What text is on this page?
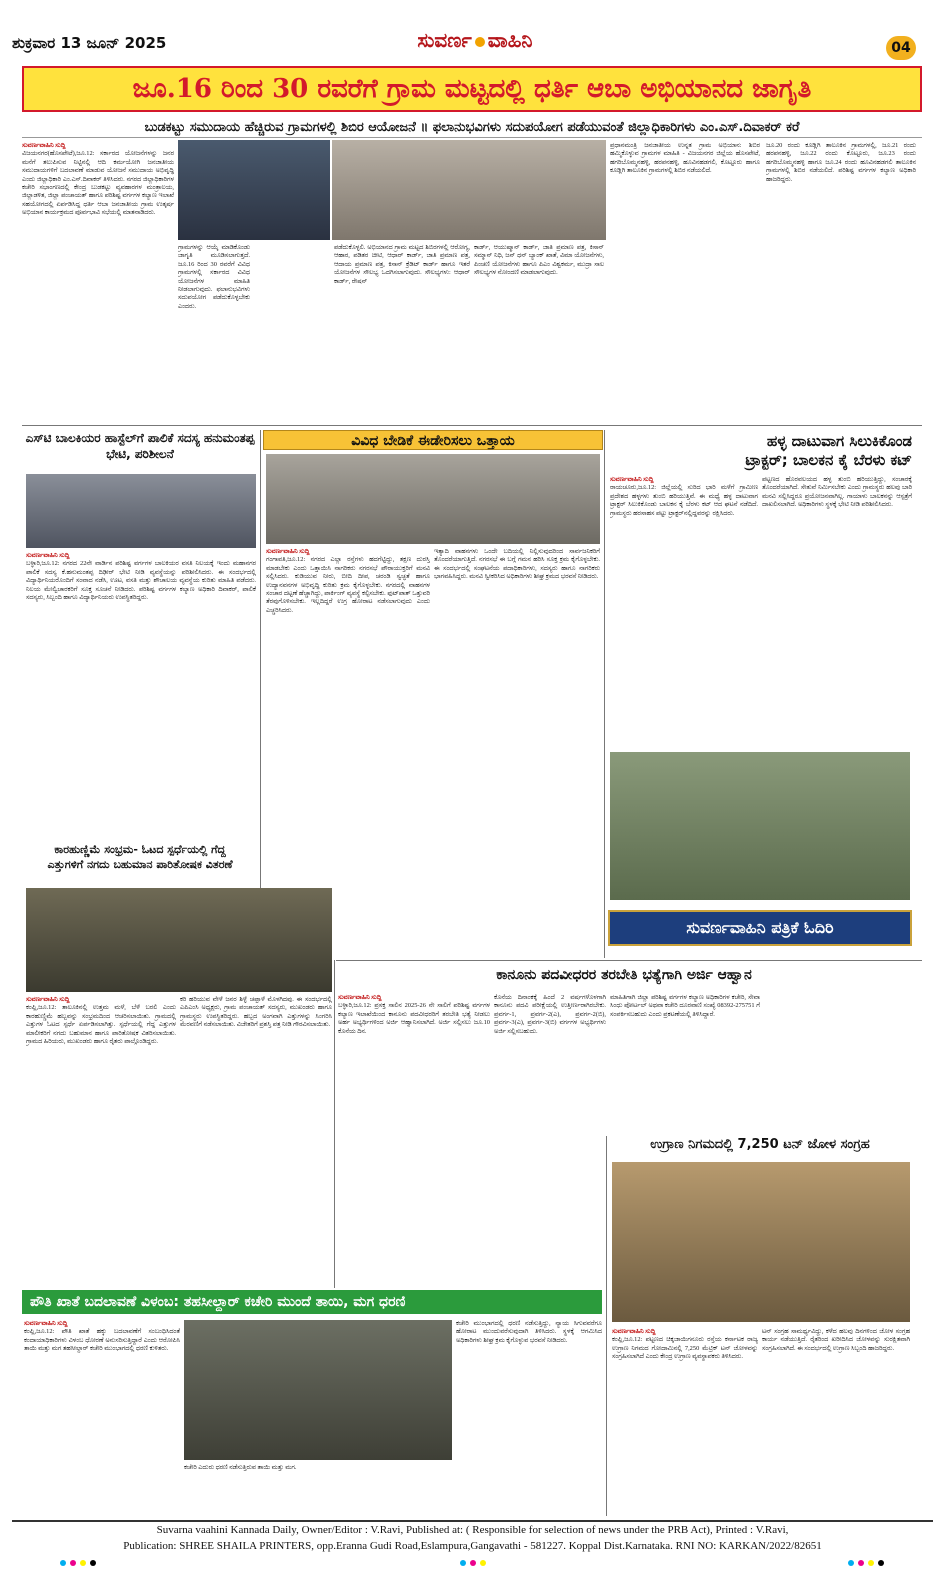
ಶುಕ್ರವಾರ 13 ಜೂನ್ 2025	ಸುವರ್ಣ ವಾಹಿನಿ	04
ಜೂ.16 ರಿಂದ 30 ರವರೆಗೆ ಗ್ರಾಮ ಮಟ್ಟದಲ್ಲಿ ಧರ್ತಿ ಆಬಾ ಅಭಿಯಾನದ ಜಾಗೃತಿ
ಬುಡಕಟ್ಟು ಸಮುದಾಯ ಹೆಚ್ಚಿರುವ ಗ್ರಾಮಗಳಲ್ಲಿ ಶಿಬಿರ ಆಯೋಜನೆ ॥ ಫಲಾನುಭವಿಗಳು ಸದುಪಯೋಗ ಪಡೆಯುವಂತೆ ಜಿಲ್ಲಾಧಿಕಾರಿಗಳು ಎಂ.ಎಸ್.ದಿವಾಕರ್ ಕರೆ
ಸುವರ್ಣವಾಹಿನಿ ಸುದ್ದಿ
ವಿಜಯನಗರ(ಹೊಸಪೇಟೆ),ಜೂ.12: ಸರ್ಕಾರದ ಯೋಜನೆಗಳನ್ನು ಜನರ ಮನೆಗೆ ತಲುಪಿಸುವ ನಿಟ್ಟಿನಲ್ಲಿ ಆದಿ ಕರ್ಮಯೋಗಿ ಜನಜಾತೀಯ ಸಮುದಾಯಗಳಿಗೆ ಬದಲಾವಣೆ ಮಾಡುವ ಯೋಜನೆ ಸಮುದಾಯ ಅಭಿವೃದ್ಧಿ ಎಂದು ಜಿಲ್ಲಾಧಿಕಾರಿ ಎಂ.ಎಸ್.ದಿವಾಕರ್ ತಿಳಿಸಿದರು. ನಗರದ ಜಿಲ್ಲಾಧಿಕಾರಿಗಳ ಕಚೇರಿ ಸಭಾಂಗಣದಲ್ಲಿ ಕೇಂದ್ರ ಬುಡಕಟ್ಟು ವ್ಯವಹಾರಗಳ ಮಂತ್ರಾಲಯ, ಜಿಲ್ಲಾಡಳಿತ, ಜಿಲ್ಲಾ ಪಂಚಾಯತ್ ಹಾಗೂ ಪರಿಶಿಷ್ಟ ವರ್ಗಗಳ ಕಲ್ಯಾಣ ಇಲಾಖೆ ಸಹಯೋಗದಲ್ಲಿ ಏರ್ಪಡಿಸಿದ್ದ ಧರ್ತಿ ಆಬಾ ಜನಜಾತೀಯ ಗ್ರಾಮ ಉತ್ಕರ್ಷ ಅಭಿಯಾನ ಕಾರ್ಯಕ್ರಮದ ಪೂರ್ವಭಾವಿ ಸಭೆಯಲ್ಲಿ ಮಾತನಾಡಿದರು.
ಗ್ರಾಮಗಳನ್ನು ಆಯ್ಕೆ ಮಾಡಿಕೊಂಡು ಜಾಗೃತಿ ಮೂಡಿಸಲಾಗುತ್ತದೆ. ಜೂ.16 ರಿಂದ 30 ರವರೆಗೆ ವಿವಿಧ ಗ್ರಾಮಗಳಲ್ಲಿ ಸರ್ಕಾರದ ವಿವಿಧ ಯೋಜನೆಗಳ ಮಾಹಿತಿ ನೀಡಲಾಗುವುದು. ಫಲಾನುಭವಿಗಳು ಸದುಪಯೋಗ ಪಡೆದುಕೊಳ್ಳಬೇಕು ಎಂದರು.
ಪಡೆದುಕೊಳ್ಳಲಿ. ಅಭಿಯಾನದ ಗ್ರಾಮ ಮಟ್ಟದ ಶಿಬಿರಗಳಲ್ಲಿ ಆರೋಗ್ಯ, ಆಹಾರ, ಪಡಿತರ ಚೀಟಿ, ಆಧಾರ್ ಕಾರ್ಡ್, ಜಾತಿ ಪ್ರಮಾಣ ಪತ್ರ, ಆದಾಯ ಪ್ರಮಾಣ ಪತ್ರ, ಕಿಸಾನ್ ಕ್ರೆಡಿಟ್ ಕಾರ್ಡ್ ಹಾಗೂ ಇತರೆ ಯೋಜನೆಗಳ ಸೌಲಭ್ಯ ಒದಗಿಸಲಾಗುವುದು. ಸೌಲಭ್ಯಗಳು: ಆಧಾರ್ ಕಾರ್ಡ್, ರೇಷನ್
ಕಾರ್ಡ್, ಆಯುಷ್ಮಾನ್ ಕಾರ್ಡ್, ಜಾತಿ ಪ್ರಮಾಣ ಪತ್ರ, ಕಿಸಾನ್ ಸಮ್ಮಾನ್ ನಿಧಿ, ಜನ್ ಧನ್ ಬ್ಯಾಂಕ್ ಖಾತೆ, ವಿಮಾ ಯೋಜನೆಗಳು, ಪಿಂಚಣಿ ಯೋಜನೆಗಳು ಹಾಗೂ ಪಿಎಂ ವಿಶ್ವಕರ್ಮ, ಮುದ್ರಾ ಸಾಲ ಸೌಲಭ್ಯಗಳ ನೋಂದಣಿ ಮಾಡಲಾಗುವುದು.
ಪ್ರಧಾನಮಂತ್ರಿ ಜನಜಾತೀಯ ಉನ್ನತ ಗ್ರಾಮ ಅಭಿಯಾನ: ಶಿಬಿರ ಹಮ್ಮಿಕೊಳ್ಳುವ ಗ್ರಾಮಗಳ ಮಾಹಿತಿ - ವಿಜಯನಗರ ಜಿಲ್ಲೆಯ ಹೊಸಪೇಟೆ, ಹಗರಿಬೊಮ್ಮನಹಳ್ಳಿ, ಹರಪನಹಳ್ಳಿ, ಹೂವಿನಹಡಗಲಿ, ಕೊಟ್ಟೂರು ಹಾಗೂ ಕೂಡ್ಲಿಗಿ ತಾಲೂಕಿನ ಗ್ರಾಮಗಳಲ್ಲಿ ಶಿಬಿರ ನಡೆಯಲಿದೆ.
ಜೂ.20 ರಂದು ಕೂಡ್ಲಿಗಿ ತಾಲೂಕಿನ ಗ್ರಾಮಗಳಲ್ಲಿ, ಜೂ.21 ರಂದು ಹರಪನಹಳ್ಳಿ, ಜೂ.22 ರಂದು ಕೊಟ್ಟೂರು, ಜೂ.23 ರಂದು ಹಗರಿಬೊಮ್ಮನಹಳ್ಳಿ ಹಾಗೂ ಜೂ.24 ರಂದು ಹೂವಿನಹಡಗಲಿ ತಾಲೂಕಿನ ಗ್ರಾಮಗಳಲ್ಲಿ ಶಿಬಿರ ನಡೆಯಲಿದೆ. ಪರಿಶಿಷ್ಟ ವರ್ಗಗಳ ಕಲ್ಯಾಣ ಅಧಿಕಾರಿ ಹಾಜರಿದ್ದರು.
ಎಸ್‌ಟಿ ಬಾಲಕಿಯರ ಹಾಸ್ಟೆಲ್‌ಗೆ ಪಾಲಿಕೆ ಸದಸ್ಯ ಹನುಮಂತಪ್ಪ ಭೇಟಿ, ಪರಿಶೀಲನೆ
ಸುವರ್ಣವಾಹಿನಿ ಸುದ್ದಿ
ಬಳ್ಳಾರಿ,ಜೂ.12: ನಗರದ 22ನೇ ವಾರ್ಡಿನ ಪರಿಶಿಷ್ಟ ವರ್ಗಗಳ ಬಾಲಕಿಯರ ವಸತಿ ನಿಲಯಕ್ಕೆ ಇಂದು ಮಹಾನಗರ ಪಾಲಿಕೆ ಸದಸ್ಯ ಕೆ.ಹನುಮಂತಪ್ಪ ದಿಢೀರ್ ಭೇಟಿ ನೀಡಿ ವ್ಯವಸ್ಥೆಯನ್ನು ಪರಿಶೀಲಿಸಿದರು. ಈ ಸಂದರ್ಭದಲ್ಲಿ ವಿದ್ಯಾರ್ಥಿನಿಯರೊಂದಿಗೆ ಸಂವಾದ ನಡೆಸಿ, ಊಟ, ವಸತಿ ಮತ್ತು ಶೌಚಾಲಯ ವ್ಯವಸ್ಥೆಯ ಕುರಿತು ಮಾಹಿತಿ ಪಡೆದರು. ನಿಲಯ ಮೇಲ್ವಿಚಾರಕರಿಗೆ ಸೂಕ್ತ ಸೂಚನೆ ನೀಡಿದರು. ಪರಿಶಿಷ್ಟ ವರ್ಗಗಳ ಕಲ್ಯಾಣ ಅಧಿಕಾರಿ ದಿವಾಕರ್, ಪಾಲಿಕೆ ಸದಸ್ಯರು, ಸಿಬ್ಬಂದಿ ಹಾಗೂ ವಿದ್ಯಾರ್ಥಿನಿಯರು ಉಪಸ್ಥಿತರಿದ್ದರು.
ಕಾರಹುಣ್ಣಿಮೆ ಸಂಭ್ರಮ- ಓಟದ ಸ್ಪರ್ಧೆಯಲ್ಲಿ ಗೆದ್ದ
ಎತ್ತುಗಳಿಗೆ ನಗದು ಬಹುಮಾನ ಪಾರಿತೋಷಕ ವಿತರಣೆ
ಸುವರ್ಣವಾಹಿನಿ ಸುದ್ದಿ
ಕಂಪ್ಲಿ,ಜೂ.12: ತಾಲೂಕಿನಲ್ಲಿ ಉತ್ತಮ ಮಳೆ, ಬೆಳೆ ಬರಲಿ ಎಂದು ಕಾರಹುಣ್ಣಿಮೆ ಹಬ್ಬವನ್ನು ಸಂಭ್ರಮದಿಂದ ಆಚರಿಸಲಾಯಿತು. ಗ್ರಾಮದಲ್ಲಿ ಎತ್ತುಗಳ ಓಟದ ಸ್ಪರ್ಧೆ ಏರ್ಪಡಿಸಲಾಗಿತ್ತು. ಸ್ಪರ್ಧೆಯಲ್ಲಿ ಗೆದ್ದ ಎತ್ತುಗಳ ಮಾಲೀಕರಿಗೆ ನಗದು ಬಹುಮಾನ ಹಾಗೂ ಪಾರಿತೋಷಕ ವಿತರಿಸಲಾಯಿತು. ಗ್ರಾಮದ ಹಿರಿಯರು, ಮುಖಂಡರು ಹಾಗೂ ರೈತರು ಪಾಲ್ಗೊಂಡಿದ್ದರು.
ಕರಿ ಹರಿಯುವ ವೇಳೆ ಜನರ ಶಿಳ್ಳೆ ಚಪ್ಪಾಳೆ ಮೊಳಗಿದವು. ಈ ಸಂದರ್ಭದಲ್ಲಿ ಎಪಿಎಂಸಿ ಅಧ್ಯಕ್ಷರು, ಗ್ರಾಮ ಪಂಚಾಯತ್ ಸದಸ್ಯರು, ಮುಖಂಡರು ಹಾಗೂ ಗ್ರಾಮಸ್ಥರು ಉಪಸ್ಥಿತರಿದ್ದರು. ಹಬ್ಬದ ಅಂಗವಾಗಿ ಎತ್ತುಗಳನ್ನು ಸಿಂಗರಿಸಿ ಮೆರವಣಿಗೆ ನಡೆಸಲಾಯಿತು. ವಿಜೇತರಿಗೆ ಪ್ರಶಸ್ತಿ ಪತ್ರ ನೀಡಿ ಗೌರವಿಸಲಾಯಿತು.
ವಿವಿಧ ಬೇಡಿಕೆ ಈಡೇರಿಸಲು ಒತ್ತಾಯ
ಸುವರ್ಣವಾಹಿನಿ ಸುದ್ದಿ
ಗಂಗಾವತಿ,ಜೂ.12: ನಗರದ ಎಲ್ಲಾ ರಸ್ತೆಗಳು ಹದಗೆಟ್ಟಿದ್ದು, ತಕ್ಷಣ ದುರಸ್ತಿ ಮಾಡಬೇಕು ಎಂದು ಒತ್ತಾಯಿಸಿ ನಾಗರಿಕರು ನಗರಸಭೆ ಪೌರಾಯುಕ್ತರಿಗೆ ಮನವಿ ಸಲ್ಲಿಸಿದರು. ಕುಡಿಯುವ ನೀರು, ಬೀದಿ ದೀಪ, ಚರಂಡಿ ಸ್ವಚ್ಛತೆ ಹಾಗೂ ಉದ್ಯಾನವನಗಳ ಅಭಿವೃದ್ಧಿ ಕುರಿತು ಕ್ರಮ ಕೈಗೊಳ್ಳಬೇಕು. ನಗರದಲ್ಲಿ ವಾಹನಗಳ ಸಂಚಾರ ದಟ್ಟಣೆ ಹೆಚ್ಚಾಗಿದ್ದು, ಪಾರ್ಕಿಂಗ್ ವ್ಯವಸ್ಥೆ ಕಲ್ಪಿಸಬೇಕು. ಫುಟ್‌ಪಾತ್ ಒತ್ತುವರಿ ತೆರವುಗೊಳಿಸಬೇಕು. ಇಲ್ಲದಿದ್ದರೆ ಉಗ್ರ ಹೋರಾಟ ನಡೆಸಲಾಗುವುದು ಎಂದು ಎಚ್ಚರಿಸಿದರು.
ಇತ್ಯಾದಿ ವಾಹನಗಳು ಒಂದೇ ಬದಿಯಲ್ಲಿ ನಿಲ್ಲಿಸುವುದರಿಂದ ಸಾರ್ವಜನಿಕರಿಗೆ ತೊಂದರೆಯಾಗುತ್ತಿದೆ. ನಗರಸಭೆ ಈ ಬಗ್ಗೆ ಗಮನ ಹರಿಸಿ ಸೂಕ್ತ ಕ್ರಮ ಕೈಗೊಳ್ಳಬೇಕು. ಈ ಸಂದರ್ಭದಲ್ಲಿ ಸಂಘಟನೆಯ ಪದಾಧಿಕಾರಿಗಳು, ಸದಸ್ಯರು ಹಾಗೂ ನಾಗರಿಕರು ಭಾಗವಹಿಸಿದ್ದರು. ಮನವಿ ಸ್ವೀಕರಿಸಿದ ಅಧಿಕಾರಿಗಳು ಶೀಘ್ರ ಕ್ರಮದ ಭರವಸೆ ನೀಡಿದರು.
ಹಳ್ಳ ದಾಟುವಾಗ ಸಿಲುಕಿಕೊಂಡ
ಟ್ರಾಕ್ಟರ್; ಬಾಲಕನ ಕೈ ಬೆರಳು ಕಟ್
ಸುವರ್ಣವಾಹಿನಿ ಸುದ್ದಿ
ರಾಯಚೂರು,ಜೂ.12: ಜಿಲ್ಲೆಯಲ್ಲಿ ಸುರಿದ ಭಾರಿ ಮಳೆಗೆ ಗ್ರಾಮೀಣ ಪ್ರದೇಶದ ಹಳ್ಳಗಳು ತುಂಬಿ ಹರಿಯುತ್ತಿವೆ. ಈ ಮಧ್ಯೆ ಹಳ್ಳ ದಾಟುವಾಗ ಟ್ರಾಕ್ಟರ್ ಸಿಲುಕಿಕೊಂಡು ಬಾಲಕನ ಕೈ ಬೆರಳು ಕಟ್ ಆದ ಘಟನೆ ನಡೆದಿದೆ. ಗ್ರಾಮಸ್ಥರು ಹರಸಾಹಸ ಪಟ್ಟು ಟ್ರಾಕ್ಟರ್‌ನಲ್ಲಿದ್ದವರನ್ನು ರಕ್ಷಿಸಿದರು.
ಪಟ್ಟಣದ ಹೊರವಲಯದ ಹಳ್ಳ ತುಂಬಿ ಹರಿಯುತ್ತಿದ್ದು, ಸಂಚಾರಕ್ಕೆ ತೊಂದರೆಯಾಗಿದೆ. ಸೇತುವೆ ನಿರ್ಮಿಸಬೇಕು ಎಂದು ಗ್ರಾಮಸ್ಥರು ಹಲವು ಬಾರಿ ಮನವಿ ಸಲ್ಲಿಸಿದ್ದರೂ ಪ್ರಯೋಜನವಾಗಿಲ್ಲ. ಗಾಯಾಳು ಬಾಲಕನನ್ನು ಆಸ್ಪತ್ರೆಗೆ ದಾಖಲಿಸಲಾಗಿದೆ. ಅಧಿಕಾರಿಗಳು ಸ್ಥಳಕ್ಕೆ ಭೇಟಿ ನೀಡಿ ಪರಿಶೀಲಿಸಿದರು.
ಸುವರ್ಣವಾಹಿನಿ ಪತ್ರಿಕೆ ಓದಿರಿ
ಕಾನೂನು ಪದವೀಧರರ ತರಬೇತಿ ಭತ್ಯೆಗಾಗಿ ಅರ್ಜಿ ಆಹ್ವಾನ
ಸುವರ್ಣವಾಹಿನಿ ಸುದ್ದಿ
ಬಳ್ಳಾರಿ,ಜೂ.12: ಪ್ರಸಕ್ತ ಸಾಲಿನ 2025-26 ನೇ ಸಾಲಿಗೆ ಪರಿಶಿಷ್ಟ ವರ್ಗಗಳ ಕಲ್ಯಾಣ ಇಲಾಖೆಯಿಂದ ಕಾನೂನು ಪದವೀಧರರಿಗೆ ತರಬೇತಿ ಭತ್ಯೆ ನೀಡಲು ಅರ್ಹ ಅಭ್ಯರ್ಥಿಗಳಿಂದ ಅರ್ಜಿ ಆಹ್ವಾನಿಸಲಾಗಿದೆ. ಅರ್ಜಿ ಸಲ್ಲಿಸಲು ಜೂ.10 ಕೊನೆಯ ದಿನ.
ಕೊನೆಯ ದಿನಾಂಕಕ್ಕೆ ಹಿಂದೆ 2 ವರ್ಷಗಳೊಳಗಾಗಿ ಕಾನೂನು ಪದವಿ ಪರೀಕ್ಷೆಯಲ್ಲಿ ಉತ್ತೀರ್ಣರಾಗಿರಬೇಕು. ಪ್ರವರ್ಗ-1, ಪ್ರವರ್ಗ-2(ಎ), ಪ್ರವರ್ಗ-2(ಬಿ), ಪ್ರವರ್ಗ-3(ಎ), ಪ್ರವರ್ಗ-3(ಬಿ) ವರ್ಗಗಳ ಅಭ್ಯರ್ಥಿಗಳು ಅರ್ಜಿ ಸಲ್ಲಿಸಬಹುದು.
ಮಾಹಿತಿಗಾಗಿ ಜಿಲ್ಲಾ ಪರಿಶಿಷ್ಟ ವರ್ಗಗಳ ಕಲ್ಯಾಣ ಅಧಿಕಾರಿಗಳ ಕಚೇರಿ, ಸೇವಾ ಸಿಂಧು ಪೋರ್ಟಲ್ ಅಥವಾ ಕಚೇರಿ ದೂರವಾಣಿ ಸಂಖ್ಯೆ 08392-275751 ಗೆ ಸಂಪರ್ಕಿಸಬಹುದು ಎಂದು ಪ್ರಕಟಣೆಯಲ್ಲಿ ತಿಳಿಸಿದ್ದಾರೆ.
ಉಗ್ರಾಣ ನಿಗಮದಲ್ಲಿ 7,250 ಟನ್ ಜೋಳ ಸಂಗ್ರಹ
ಸುವರ್ಣವಾಹಿನಿ ಸುದ್ದಿ
ಕಂಪ್ಲಿ,ಜೂ.12: ಪಟ್ಟಣದ ಚಿಕ್ಕಜಾಯಿಗನೂರು ರಸ್ತೆಯ ಕರ್ನಾಟಕ ರಾಜ್ಯ ಉಗ್ರಾಣ ನಿಗಮದ ಗೋದಾಮಿನಲ್ಲಿ 7,250 ಮೆಟ್ರಿಕ್ ಟನ್ ಜೋಳವನ್ನು ಸಂಗ್ರಹಿಸಲಾಗಿದೆ ಎಂದು ಕೇಂದ್ರ ಉಗ್ರಾಣ ವ್ಯವಸ್ಥಾಪಕರು ತಿಳಿಸಿದರು.
ಟನ್ ಸಂಗ್ರಹ ಸಾಮರ್ಥ್ಯವಿದ್ದು, ಕಳೆದ ಹಲವು ದಿನಗಳಿಂದ ಜೋಳ ಸಂಗ್ರಹ ಕಾರ್ಯ ನಡೆಯುತ್ತಿದೆ. ರೈತರಿಂದ ಖರೀದಿಸಿದ ಜೋಳವನ್ನು ಸುರಕ್ಷಿತವಾಗಿ ಸಂಗ್ರಹಿಸಲಾಗಿದೆ. ಈ ಸಂದರ್ಭದಲ್ಲಿ ಉಗ್ರಾಣ ಸಿಬ್ಬಂದಿ ಹಾಜರಿದ್ದರು.
ಪೌತಿ ಖಾತೆ ಬದಲಾವಣೆ ವಿಳಂಬ: ತಹಸೀಲ್ದಾರ್ ಕಚೇರಿ ಮುಂದೆ ತಾಯಿ, ಮಗ ಧರಣಿ
ಸುವರ್ಣವಾಹಿನಿ ಸುದ್ದಿ
ಕಂಪ್ಲಿ,ಜೂ.12: ಪೌತಿ ಖಾತೆ ಹಕ್ಕು ಬದಲಾವಣೆಗೆ ಸಂಬಂಧಿಸಿದಂತೆ ಕಂದಾಯಾಧಿಕಾರಿಗಳು ವಿಳಂಬ ಧೋರಣೆ ಅನುಸರಿಸುತ್ತಿದ್ದಾರೆ ಎಂದು ಆರೋಪಿಸಿ ತಾಯಿ ಮತ್ತು ಮಗ ತಹಸೀಲ್ದಾರ್ ಕಚೇರಿ ಮುಂಭಾಗದಲ್ಲಿ ಧರಣಿ ಕುಳಿತರು.
ಕಚೇರಿ ಎದುರು ಧರಣಿ ನಡೆಸುತ್ತಿರುವ ತಾಯಿ ಮತ್ತು ಮಗ.
ಕಚೇರಿ ಮುಂಭಾಗದಲ್ಲಿ ಧರಣಿ ನಡೆಸುತ್ತಿದ್ದು, ನ್ಯಾಯ ಸಿಗುವವರೆಗೂ ಹೋರಾಟ ಮುಂದುವರೆಸುವುದಾಗಿ ತಿಳಿಸಿದರು. ಸ್ಥಳಕ್ಕೆ ಆಗಮಿಸಿದ ಅಧಿಕಾರಿಗಳು ಶೀಘ್ರ ಕ್ರಮ ಕೈಗೊಳ್ಳುವ ಭರವಸೆ ನೀಡಿದರು.
Suvarna vaahini Kannada Daily, Owner/Editor : V.Ravi, Published at: ( Responsible for selection of news under the PRB Act), Printed : V.Ravi,
Publication: SHREE SHAILA PRINTERS, opp.Eranna Gudi Road,Eslampura,Gangavathi - 581227. Koppal Dist.Karnataka. RNI NO: KARKAN/2022/82651
